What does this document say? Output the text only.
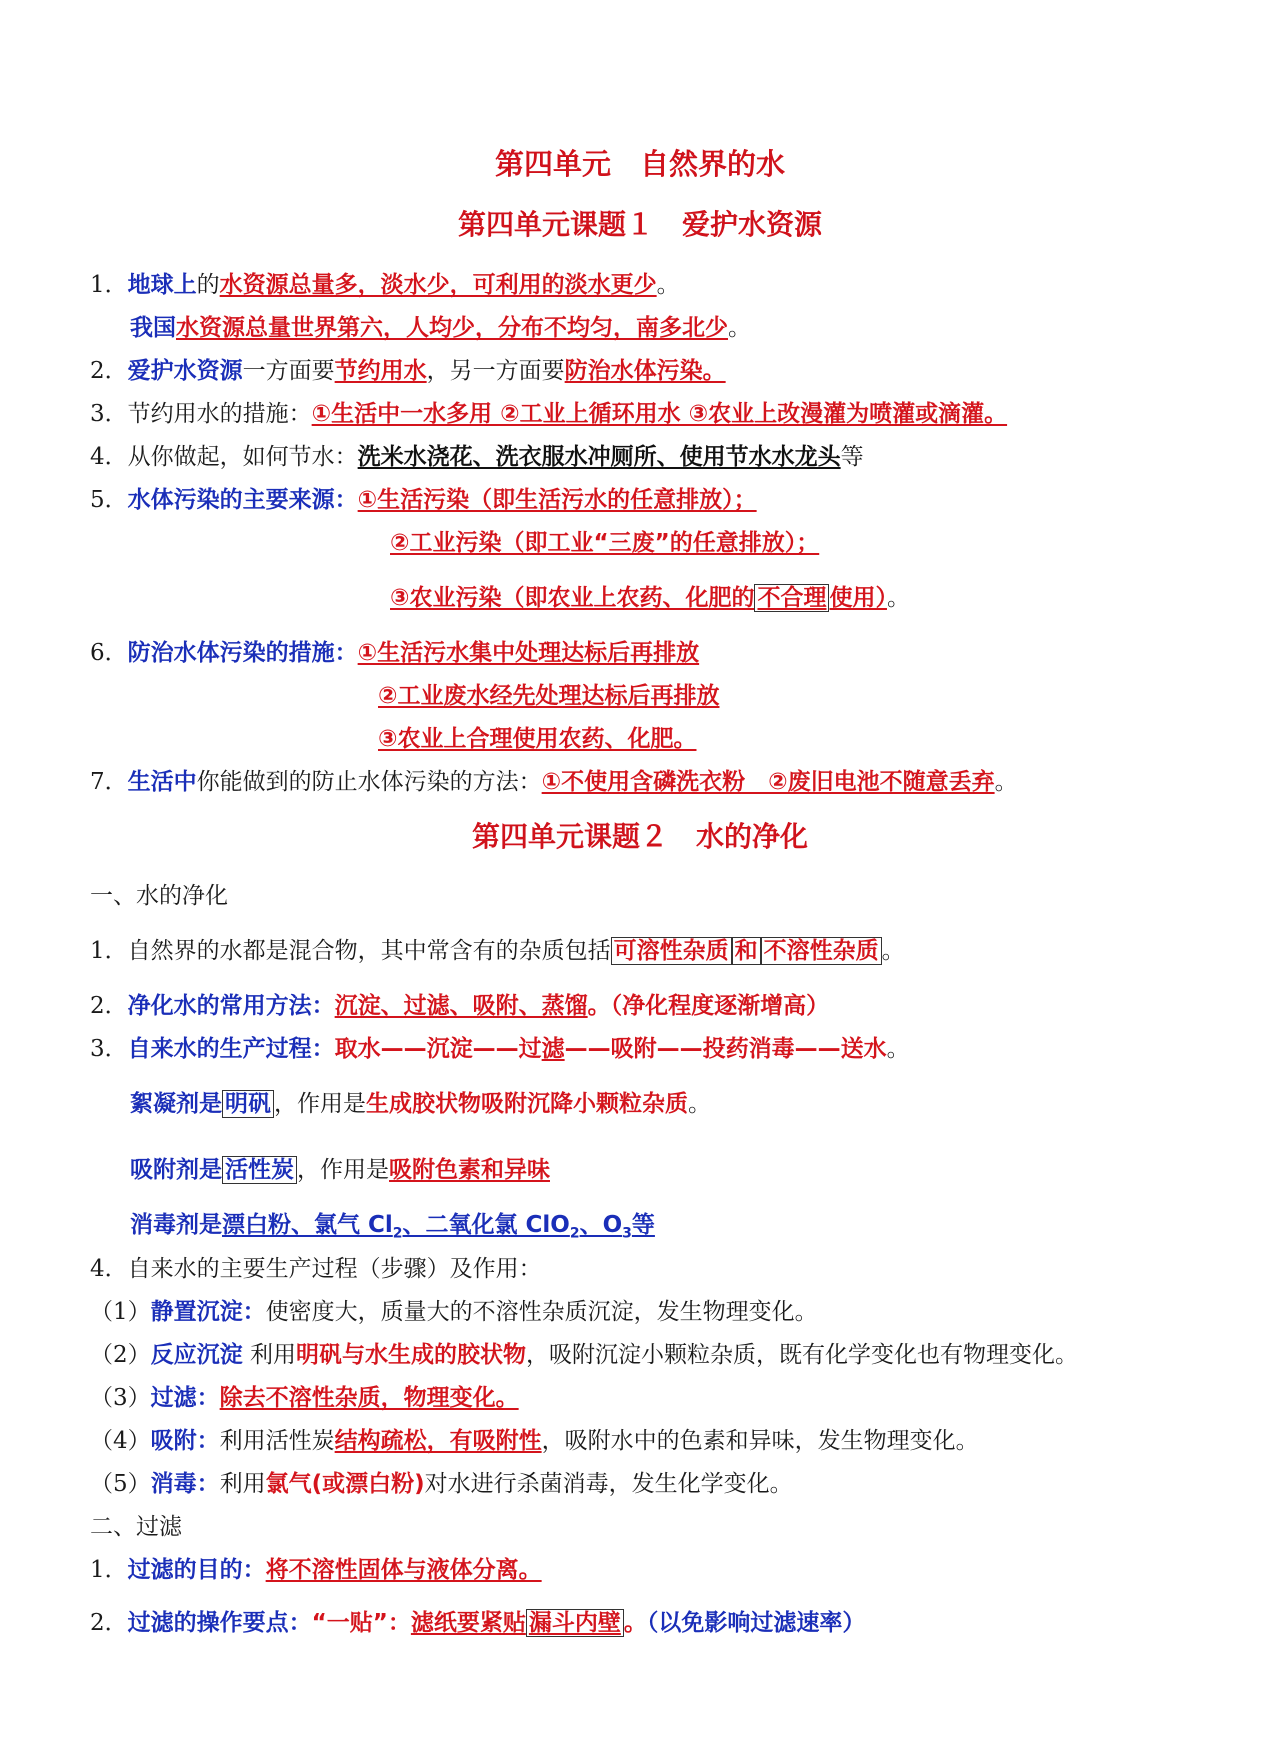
第四单元　自然界的水
第四单元课题１　爱护水资源
1．地球上的水资源总量多，淡水少，可利用的淡水更少。
我国水资源总量世界第六，人均少，分布不均匀，南多北少。
2．爱护水资源一方面要节约用水，另一方面要防治水体污染。
3．节约用水的措施：①生活中一水多用 ②工业上循环用水 ③农业上改漫灌为喷灌或滴灌。
4．从你做起，如何节水：洗米水浇花、洗衣服水冲厕所、使用节水水龙头等
5．水体污染的主要来源：①生活污染（即生活污水的任意排放）；
②工业污染（即工业“三废”的任意排放）；
③农业污染（即农业上农药、化肥的 不合理 使用）。
6．防治水体污染的措施：①生活污水集中处理达标后再排放
②工业废水经先处理达标后再排放
③农业上合理使用农药、化肥。
7．生活中你能做到的防止水体污染的方法：①不使用含磷洗衣粉　②废旧电池不随意丢弃。
第四单元课题２　水的净化
一、水的净化
1．自然界的水都是混合物，其中常含有的杂质包括 可溶性杂质 和 不溶性杂质 。
2．净化水的常用方法：沉淀、过滤、吸附、蒸馏。（净化程度逐渐增高）
3．自来水的生产过程：取水——沉淀——过滤——吸附——投药消毒——送水。
絮凝剂是 明矾 ，作用是生成胶状物吸附沉降小颗粒杂质。
吸附剂是 活性炭 ，作用是吸附色素和异味
消毒剂是漂白粉、氯气 $Cl_2$、二氧化氯 ClO$_2$、$O_3$等
4．自来水的主要生产过程（步骤）及作用：
（1）静置沉淀：使密度大，质量大的不溶性杂质沉淀，发生物理变化。
（2）反应沉淀 利用明矾与水生成的胶状物，吸附沉淀小颗粒杂质，既有化学变化也有物理变化。
（3）过滤：除去不溶性杂质，物理变化。
（4）吸附：利用活性炭结构疏松，有吸附性，吸附水中的色素和异味，发生物理变化。
（5）消毒：利用氯气(或漂白粉)对水进行杀菌消毒，发生化学变化。
二、过滤
1．过滤的目的：将不溶性固体与液体分离。
2．过滤的操作要点：“一贴”：滤纸要紧贴 漏斗内壁 。（以免影响过滤速率）
